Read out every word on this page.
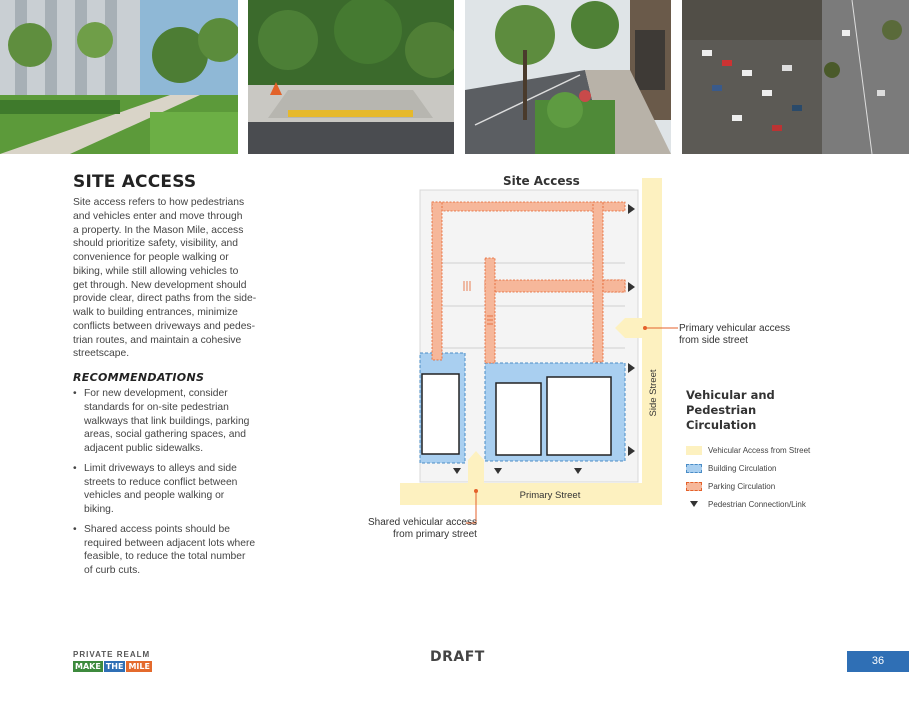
SITE ACCESS
Site access refers to how pedestrians
and vehicles enter and move through
a property. In the Mason Mile, access
should prioritize safety, visibility, and
convenience for people walking or
biking, while still allowing vehicles to
get through. New development should
provide clear, direct paths from the side-
walk to building entrances, minimize
conflicts between driveways and pedes-
trian routes, and maintain a cohesive
streetscape.
RECOMMENDATIONS
• For new development, consider
standards for on-site pedestrian
walkways that link buildings, parking
areas, social gathering spaces, and
adjacent public sidewalks.
• Limit driveways to alleys and side
streets to reduce conflict between
vehicles and people walking or
biking.
• Shared access points should be
required between adjacent lots where
feasible, to reduce the total number
of curb cuts.
Site Access
Side Street
Primary Street
Primary vehicular access
from side street
Shared vehicular access
from primary street
Vehicular and
Pedestrian Circulation
Vehicular Access from Street
Building Circulation
Parking Circulation
Pedestrian Connection/Link
PRIVATE REALM
MAKE THE MILE
DRAFT	36
